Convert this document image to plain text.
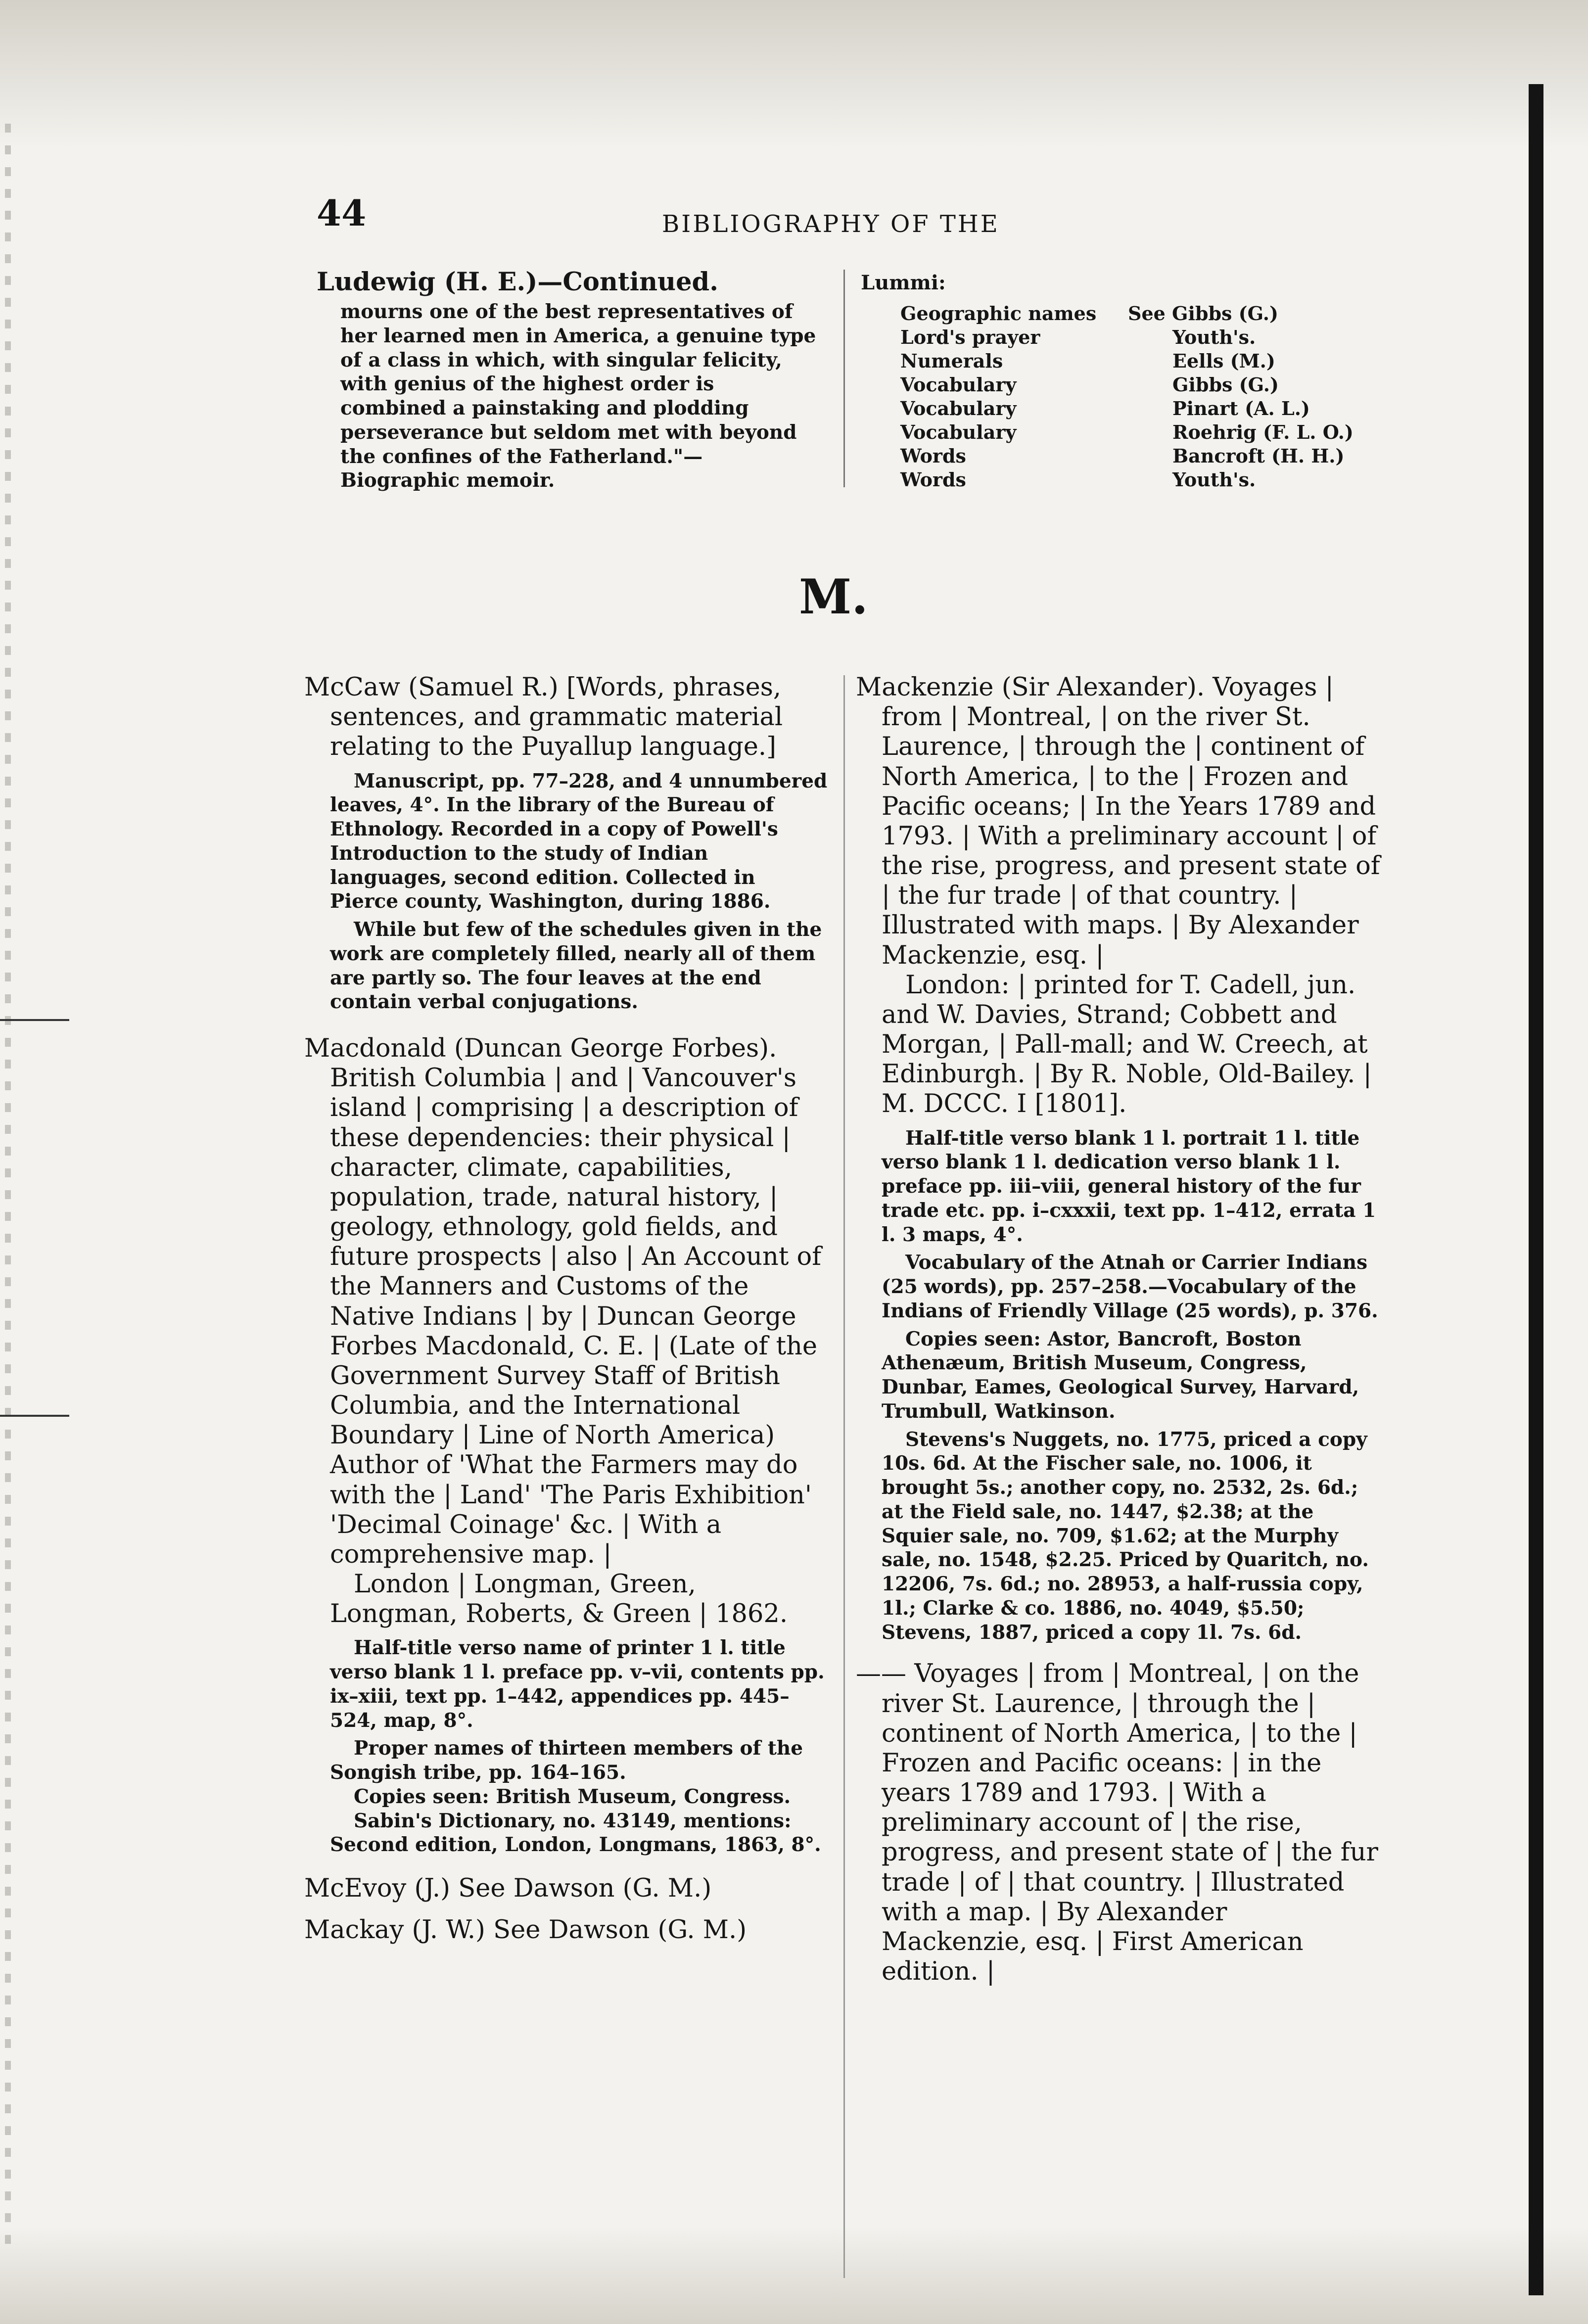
44	BIBLIOGRAPHY OF THE
Ludewig (H. E.)—Continued.
mourns one of the best representatives of her learned men in America, a genuine type of a class in which, with singular felicity, with genius of the highest order is combined a painstaking and plodding perseverance but seldom met with beyond the confines of the Fatherland."—Biographic memoir.
Lummi:
Geographic names See Gibbs (G.)
Lord's prayer	Youth's.
Numerals	Eells (M.)
Vocabulary	Gibbs (G.)
Vocabulary	Pinart (A. L.)
Vocabulary	Roehrig (F. L. O.)
Words	Bancroft (H. H.)
Words	Youth's.
M.
McCaw (Samuel R.) [Words, phrases, sentences, and grammatic material relating to the Puyallup language.]
Manuscript, pp. 77–228, and 4 unnumbered leaves, 4°. In the library of the Bureau of Ethnology. Recorded in a copy of Powell's Introduction to the study of Indian languages, second edition. Collected in Pierce county, Washington, during 1886.
While but few of the schedules given in the work are completely filled, nearly all of them are partly so. The four leaves at the end contain verbal conjugations.
Macdonald (Duncan George Forbes). British Columbia | and | Vancouver's island | comprising | a description of these dependencies: their physical | character, climate, capabilities, population, trade, natural history, | geology, ethnology, gold fields, and future prospects | also | An Account of the Manners and Customs of the Native Indians | by | Duncan George Forbes Macdonald, C. E. | (Late of the Government Survey Staff of British Columbia, and the International Boundary | Line of North America) Author of 'What the Farmers may do with the | Land' 'The Paris Exhibition' 'Decimal Coinage' &c. | With a comprehensive map. |
London | Longman, Green, Longman, Roberts, & Green | 1862.
Half-title verso name of printer 1 l. title verso blank 1 l. preface pp. v–vii, contents pp. ix–xiii, text pp. 1–442, appendices pp. 445–524, map, 8°.
Proper names of thirteen members of the Songish tribe, pp. 164–165.
Copies seen: British Museum, Congress.
Sabin's Dictionary, no. 43149, mentions: Second edition, London, Longmans, 1863, 8°.
McEvoy (J.) See Dawson (G. M.)
Mackay (J. W.) See Dawson (G. M.)
Mackenzie (Sir Alexander). Voyages | from | Montreal, | on the river St. Laurence, | through the | continent of North America, | to the | Frozen and Pacific oceans; | In the Years 1789 and 1793. | With a preliminary account | of the rise, progress, and present state of | the fur trade | of that country. | Illustrated with maps. | By Alexander Mackenzie, esq. |
London: | printed for T. Cadell, jun. and W. Davies, Strand; Cobbett and Morgan, | Pall-mall; and W. Creech, at Edinburgh. | By R. Noble, Old-Bailey. | M. DCCC. I [1801].
Half-title verso blank 1 l. portrait 1 l. title verso blank 1 l. dedication verso blank 1 l. preface pp. iii–viii, general history of the fur trade etc. pp. i–cxxxii, text pp. 1–412, errata 1 l. 3 maps, 4°.
Vocabulary of the Atnah or Carrier Indians (25 words), pp. 257–258.—Vocabulary of the Indians of Friendly Village (25 words), p. 376.
Copies seen: Astor, Bancroft, Boston Athenæum, British Museum, Congress, Dunbar, Eames, Geological Survey, Harvard, Trumbull, Watkinson.
Stevens's Nuggets, no. 1775, priced a copy 10s. 6d. At the Fischer sale, no. 1006, it brought 5s.; another copy, no. 2532, 2s. 6d.; at the Field sale, no. 1447, $2.38; at the Squier sale, no. 709, $1.62; at the Murphy sale, no. 1548, $2.25. Priced by Quaritch, no. 12206, 7s. 6d.; no. 28953, a half-russia copy, 1l.; Clarke & co. 1886, no. 4049, $5.50; Stevens, 1887, priced a copy 1l. 7s. 6d.
—— Voyages | from | Montreal, | on the river St. Laurence, | through the | continent of North America, | to the | Frozen and Pacific oceans: | in the years 1789 and 1793. | With a preliminary account of | the rise, progress, and present state of | the fur trade | of | that country. | Illustrated with a map. | By Alexander Mackenzie, esq. | First American edition. |
